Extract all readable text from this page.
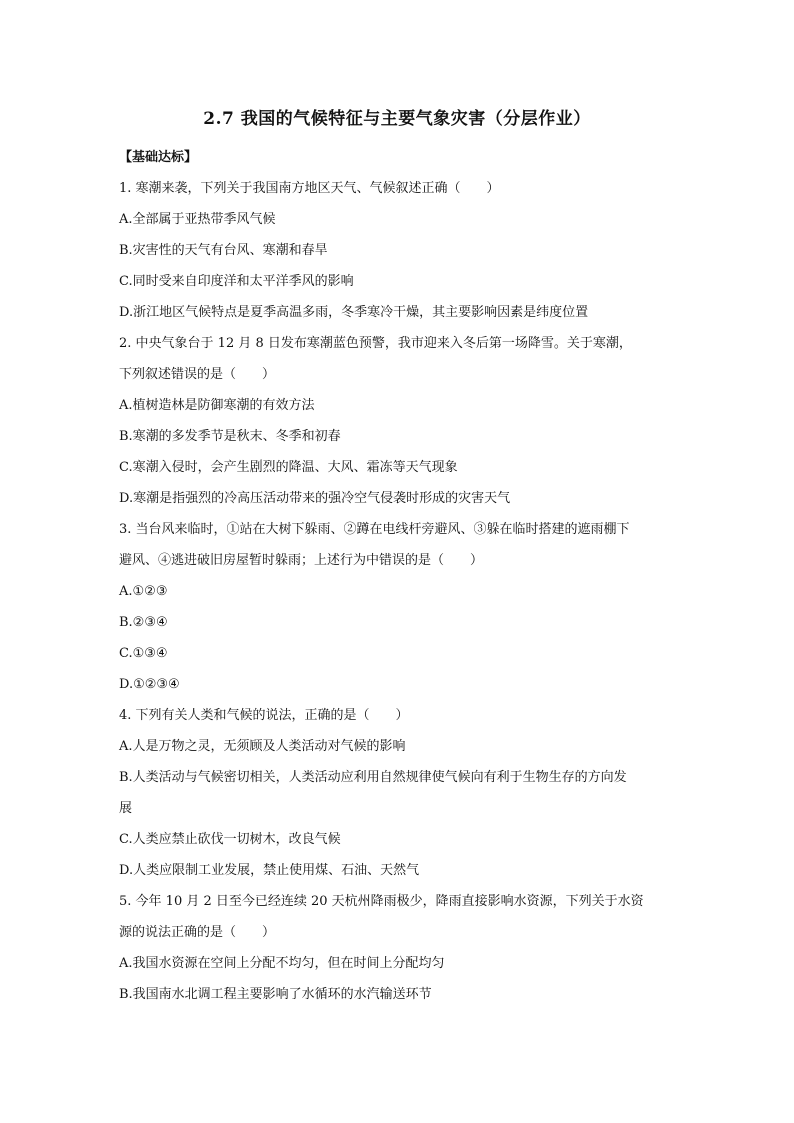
2.7 我国的气候特征与主要气象灾害（分层作业）
【基础达标】
1. 寒潮来袭，下列关于我国南方地区天气、气候叙述正确（　　）
A.全部属于亚热带季风气候
B.灾害性的天气有台风、寒潮和春旱
C.同时受来自印度洋和太平洋季风的影响
D.浙江地区气候特点是夏季高温多雨，冬季寒冷干燥，其主要影响因素是纬度位置
2. 中央气象台于 12 月 8 日发布寒潮蓝色预警，我市迎来入冬后第一场降雪。关于寒潮，
下列叙述错误的是（　　）
A.植树造林是防御寒潮的有效方法
B.寒潮的多发季节是秋末、冬季和初春
C.寒潮入侵时，会产生剧烈的降温、大风、霜冻等天气现象
D.寒潮是指强烈的冷高压活动带来的强冷空气侵袭时形成的灾害天气
3. 当台风来临时，①站在大树下躲雨、②蹲在电线杆旁避风、③躲在临时搭建的遮雨棚下
避风、④逃进破旧房屋暂时躲雨；上述行为中错误的是（　　）
A.①②③
B.②③④
C.①③④
D.①②③④
4. 下列有关人类和气候的说法，正确的是（　　）
A.人是万物之灵，无须顾及人类活动对气候的影响
B.人类活动与气候密切相关，人类活动应利用自然规律使气候向有利于生物生存的方向发
展
C.人类应禁止砍伐一切树木，改良气候
D.人类应限制工业发展，禁止使用煤、石油、天然气
5. 今年 10 月 2 日至今已经连续 20 天杭州降雨极少，降雨直接影响水资源，下列关于水资
源的说法正确的是（　　）
A.我国水资源在空间上分配不均匀，但在时间上分配均匀
B.我国南水北调工程主要影响了水循环的水汽输送环节
